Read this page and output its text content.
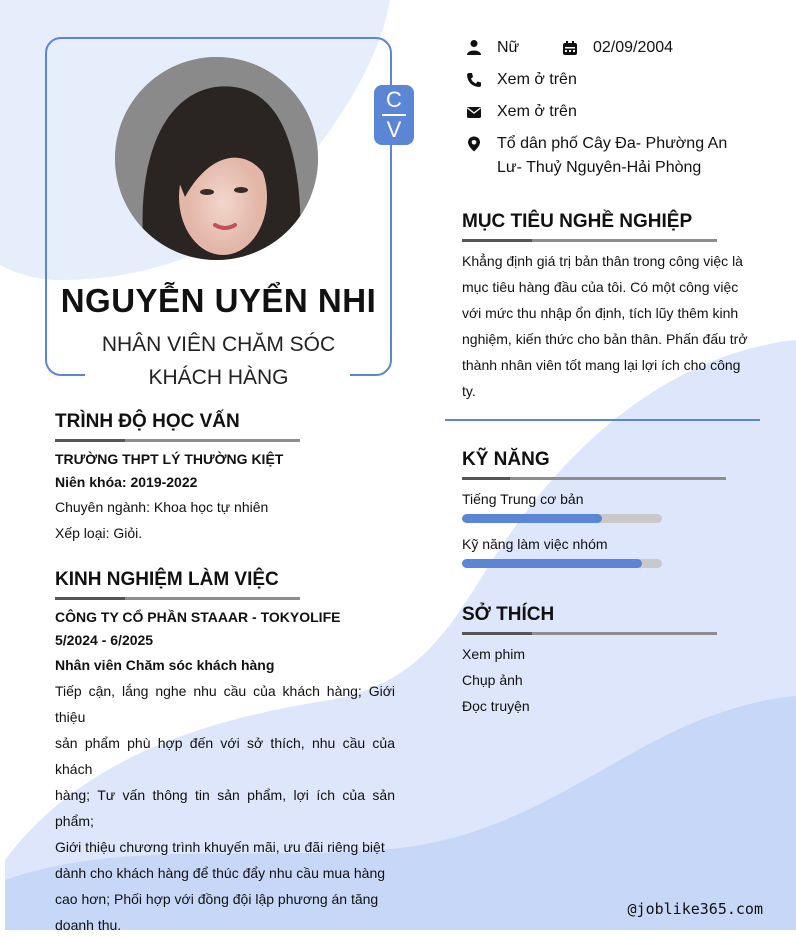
C
V
NGUYỄN UYỂN NHI
NHÂN VIÊN CHĂM SÓC
KHÁCH HÀNG
Nữ	02/09/2004
Xem ở trên
Xem ở trên
Tổ dân phố Cây Đa- Phường An
Lư- Thuỷ Nguyên-Hải Phòng
MỤC TIÊU NGHỀ NGHIỆP
Khẳng định giá trị bản thân trong công việc là
mục tiêu hàng đầu của tôi. Có một công việc
với mức thu nhập ổn định, tích lũy thêm kinh
nghiệm, kiến thức cho bản thân. Phấn đấu trở
thành nhân viên tốt mang lại lợi ích cho công
ty.
TRÌNH ĐỘ HỌC VẤN
TRƯỜNG THPT LÝ THƯỜNG KIỆT
Niên khóa: 2019-2022
Chuyên ngành: Khoa học tự nhiên
Xếp loại: Giỏi.
KINH NGHIỆM LÀM VIỆC
CÔNG TY CỔ PHẦN STAAAR - TOKYOLIFE
5/2024 - 6/2025
Nhân viên Chăm sóc khách hàng
Tiếp cận, lắng nghe nhu cầu của khách hàng; Giới thiệu
sản phẩm phù hợp đến với sở thích, nhu cầu của khách
hàng; Tư vấn thông tin sản phẩm, lợi ích của sản phẩm;
Giới thiệu chương trình khuyến mãi, ưu đãi riêng biệt
dành cho khách hàng để thúc đẩy nhu cầu mua hàng
cao hơn; Phối hợp với đồng đội lập phương án tăng
doanh thu.
KỸ NĂNG
Tiếng Trung cơ bản
Kỹ năng làm việc nhóm
SỞ THÍCH
Xem phim
Chụp ảnh
Đọc truyện
@joblike365.com
